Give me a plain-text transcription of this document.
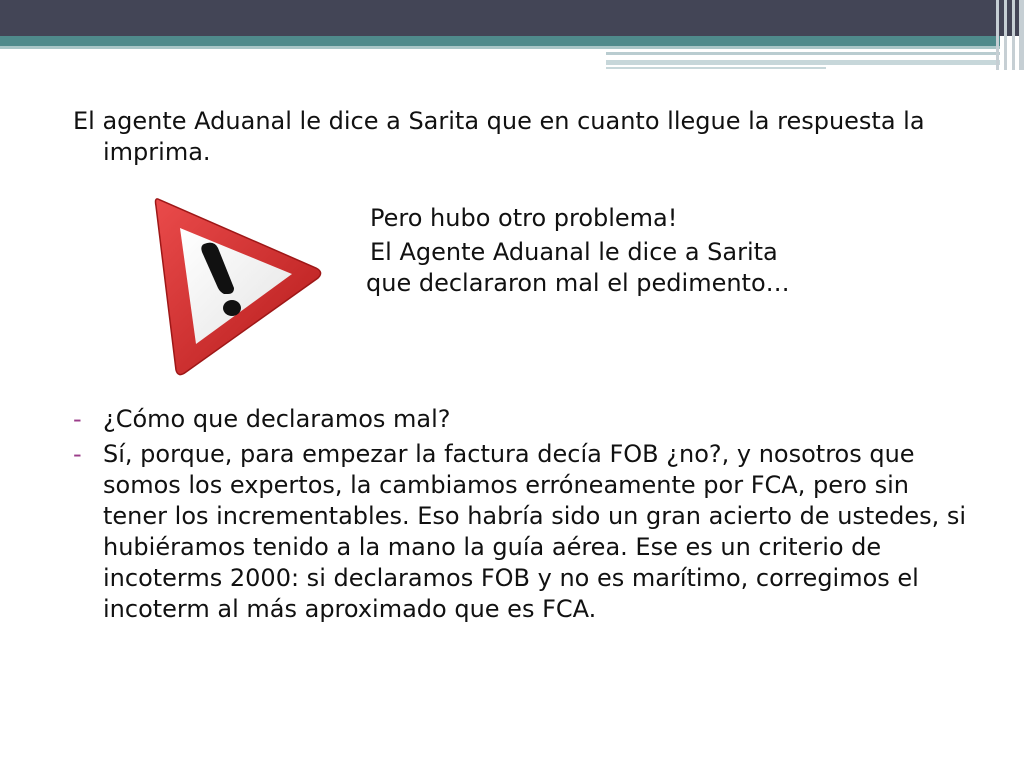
El agente Aduanal le dice a Sarita que en cuanto llegue la respuesta la
imprima.
Pero hubo otro problema!
El Agente Aduanal le dice a Sarita
que declararon mal el pedimento…
- ¿Cómo que declaramos mal?
- Sí, porque, para empezar la factura decía FOB ¿no?, y nosotros que somos los expertos, la cambiamos erróneamente por FCA, pero sin tener los incrementables. Eso habría sido un gran acierto de ustedes, si hubiéramos tenido a la mano la guía aérea. Ese es un criterio de incoterms 2000: si declaramos FOB y no es marítimo, corregimos el incoterm al más aproximado que es FCA.
